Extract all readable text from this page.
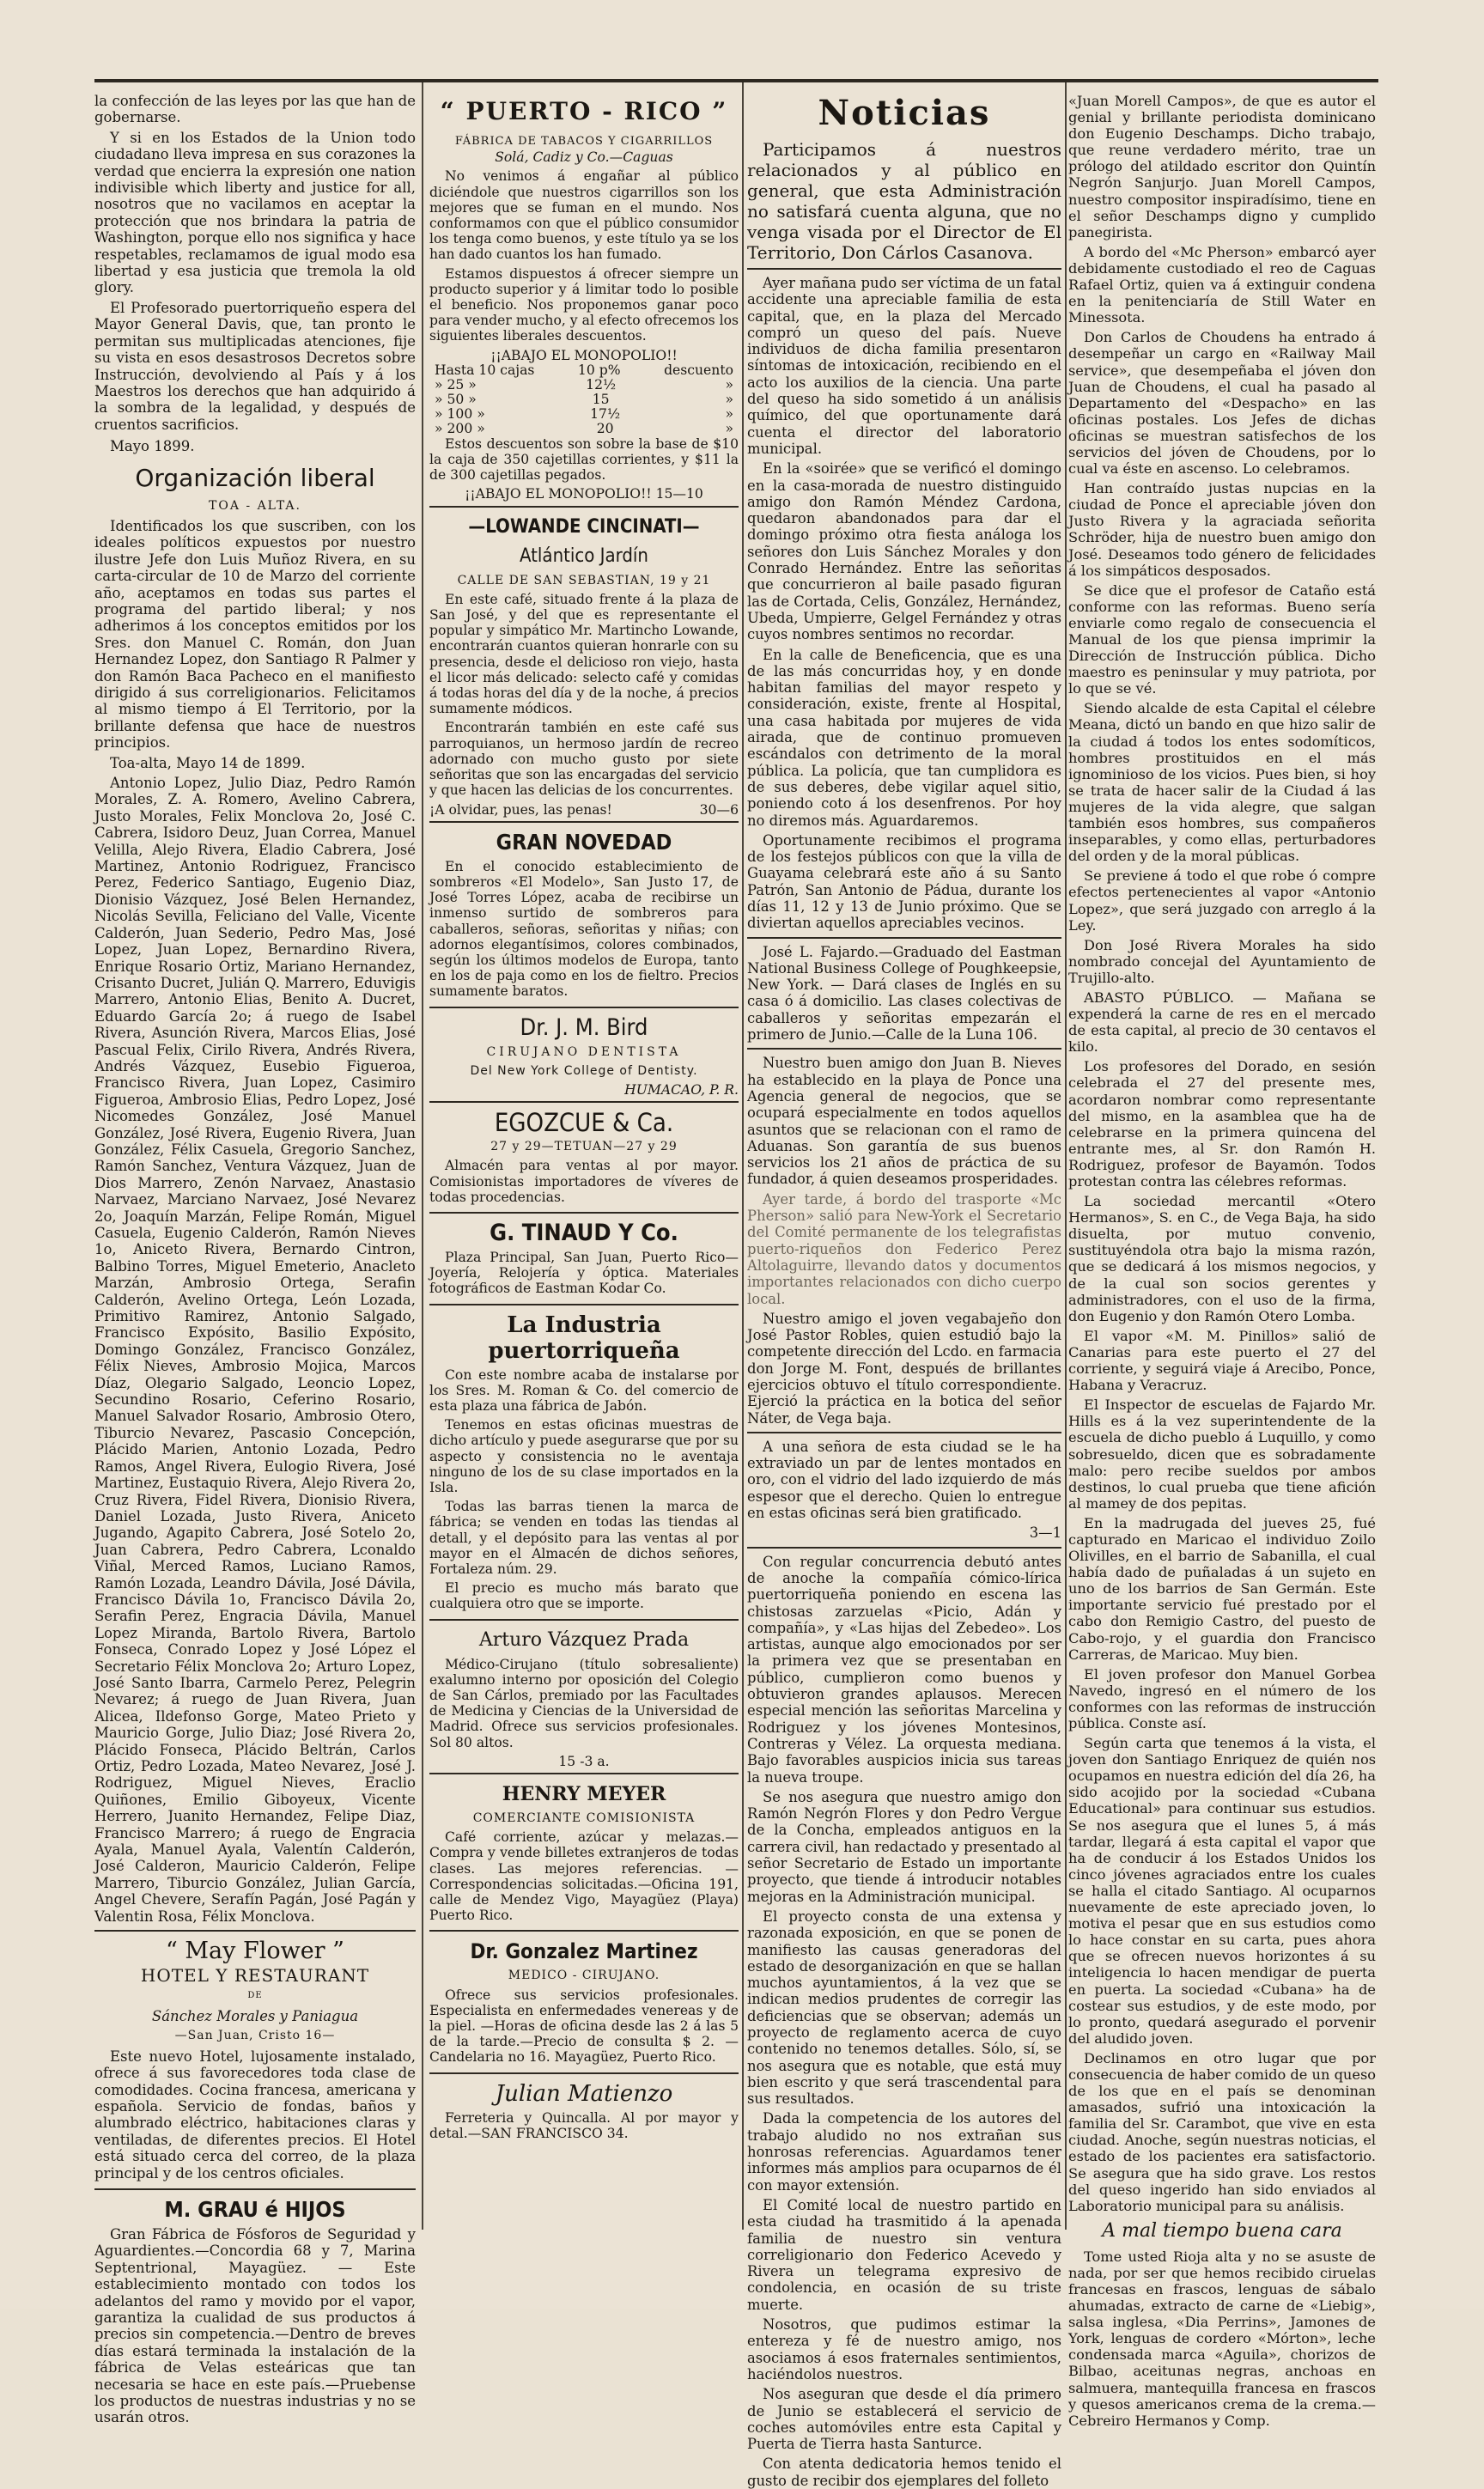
la confección de las leyes por las que han de gobernarse.

Y si en los Estados de la Union todo ciudadano lleva impresa en sus corazones la verdad que encierra la expresión one nation indivisible which liberty and justice for all, nosotros que no vacilamos en aceptar la protección que nos brindara la patria de Washington, porque ello nos significa y hace respetables, reclamamos de igual modo esa libertad y esa justicia que tremola la old glory.

El Profesorado puertorriqueño espera del Mayor General Davis, que, tan pronto le permitan sus multiplicadas atenciones, fije su vista en esos desastrosos Decretos sobre Instrucción, devolviendo al País y á los Maestros los derechos que han adquirido á la sombra de la legalidad, y después de cruentos sacrificios.

Mayo 1899.

Organización liberal

TOA - ALTA.

Identificados los que suscriben, con los ideales políticos expuestos por nuestro ilustre Jefe don Luis Muñoz Rivera, en su carta-circular de 10 de Marzo del corriente año, aceptamos en todas sus partes el programa del partido liberal; y nos adherimos á los conceptos emitidos por los Sres. don Manuel C. Román, don Juan Hernandez Lopez, don Santiago R Palmer y don Ramón Baca Pacheco en el manifiesto dirigido á sus correligionarios. Felicitamos al mismo tiempo á El Territorio, por la brillante defensa que hace de nuestros principios.

Toa-alta, Mayo 14 de 1899.

Antonio Lopez, Julio Diaz, Pedro Ramón Morales, Z. A. Romero, Avelino Cabrera, Justo Morales, Felix Monclova 2o, José C. Cabrera, Isidoro Deuz, Juan Correa, Manuel Velilla, Alejo Rivera, Eladio Cabrera, José Martinez, Antonio Rodriguez, Francisco Perez, Federico Santiago, Eugenio Diaz, Dionisio Vázquez, José Belen Hernandez, Nicolás Sevilla, Feliciano del Valle, Vicente Calderón, Juan Sederio, Pedro Mas, José Lopez, Juan Lopez, Bernardino Rivera, Enrique Rosario Ortiz, Mariano Hernandez, Crisanto Ducret, Julián Q. Marrero, Eduvigis Marrero, Antonio Elias, Benito A. Ducret, Eduardo García 2o; á ruego de Isabel Rivera, Asunción Rivera, Marcos Elias, José Pascual Felix, Cirilo Rivera, Andrés Rivera, Andrés Vázquez, Eusebio Figueroa, Francisco Rivera, Juan Lopez, Casimiro Figueroa, Ambrosio Elias, Pedro Lopez, José Nicomedes González, José Manuel González, José Rivera, Eugenio Rivera, Juan González, Félix Casuela, Gregorio Sanchez, Ramón Sanchez, Ventura Vázquez, Juan de Dios Marrero, Zenón Narvaez, Anastasio Narvaez, Marciano Narvaez, José Nevarez 2o, Joaquín Marzán, Felipe Román, Miguel Casuela, Eugenio Calderón, Ramón Nieves 1o, Aniceto Rivera, Bernardo Cintron, Balbino Torres, Miguel Emeterio, Anacleto Marzán, Ambrosio Ortega, Serafin Calderón, Avelino Ortega, León Lozada, Primitivo Ramirez, Antonio Salgado, Francisco Expósito, Basilio Expósito, Domingo González, Francisco González, Félix Nieves, Ambrosio Mojica, Marcos Díaz, Olegario Salgado, Leoncio Lopez, Secundino Rosario, Ceferino Rosario, Manuel Salvador Rosario, Ambrosio Otero, Tiburcio Nevarez, Pascasio Concepción, Plácido Marien, Antonio Lozada, Pedro Ramos, Angel Rivera, Eulogio Rivera, José Martinez, Eustaquio Rivera, Alejo Rivera 2o, Cruz Rivera, Fidel Rivera, Dionisio Rivera, Daniel Lozada, Justo Rivera, Aniceto Jugando, Agapito Cabrera, José Sotelo 2o, Juan Cabrera, Pedro Cabrera, Lconaldo Viñal, Merced Ramos, Luciano Ramos, Ramón Lozada, Leandro Dávila, José Dávila, Francisco Dávila 1o, Francisco Dávila 2o, Serafin Perez, Engracia Dávila, Manuel Lopez Miranda, Bartolo Rivera, Bartolo Fonseca, Conrado Lopez y José López el Secretario Félix Monclova 2o; Arturo Lopez, José Santo Ibarra, Carmelo Perez, Pelegrin Nevarez; á ruego de Juan Rivera, Juan Alicea, Ildefonso Gorge, Mateo Prieto y Mauricio Gorge, Julio Diaz; José Rivera 2o, Plácido Fonseca, Plácido Beltrán, Carlos Ortiz, Pedro Lozada, Mateo Nevarez, José J. Rodriguez, Miguel Nieves, Eraclio Quiñones, Emilio Giboyeux, Vicente Herrero, Juanito Hernandez, Felipe Diaz, Francisco Marrero; á ruego de Engracia Ayala, Manuel Ayala, Valentín Calderón, José Calderon, Mauricio Calderón, Felipe Marrero, Tiburcio González, Julian García, Angel Chevere, Serafín Pagán, José Pagán y Valentin Rosa, Félix Monclova.

“ May Flower ”
HOTEL Y RESTAURANT
DE
Sánchez Morales y Paniagua
—San Juan, Cristo 16—

Este nuevo Hotel, lujosamente instalado, ofrece á sus favorecedores toda clase de comodidades. Cocina francesa, americana y española. Servicio de fondas, baños y alumbrado eléctrico, habitaciones claras y ventiladas, de diferentes precios. El Hotel está situado cerca del correo, de la plaza principal y de los centros oficiales.

M. GRAU é HIJOS

Gran Fábrica de Fósforos de Seguridad y Aguardientes.—Concordia 68 y 7, Marina Septentrional, Mayagüez. — Este establecimiento montado con todos los adelantos del ramo y movido por el vapor, garantiza la cualidad de sus productos á precios sin competencia.—Dentro de breves días estará terminada la instalación de la fábrica de Velas esteáricas que tan necesaria se hace en este país.—Pruebense los productos de nuestras industrias y no se usarán otros.

“ PUERTO - RICO ”
FÁBRICA DE TABACOS Y CIGARRILLOS
Solá, Cadiz y Co.—Caguas

No venimos á engañar al público diciéndole que nuestros cigarrillos son los mejores que se fuman en el mundo. Nos conformamos con que el público consumidor los tenga como buenos, y este título ya se los han dado cuantos los han fumado.

Estamos dispuestos á ofrecer siempre un producto superior y á limitar todo lo posible el beneficio. Nos proponemos ganar poco para vender mucho, y al efecto ofrecemos los siguientes liberales descuentos.

¡¡ABAJO EL MONOPOLIO!!
Hasta 10 cajas	10 p%	descuento
» 25 »	12½	»
» 50 »	15	»
» 100 »	17½	»
» 200 »	20	»

Estos descuentos son sobre la base de $10 la caja de 350 cajetillas corrientes, y $11 la de 300 cajetillas pegados.

¡¡ABAJO EL MONOPOLIO!! 15—10
—LOWANDE CINCINATI—
Atlántico Jardín
CALLE DE SAN SEBASTIAN, 19 y 21

En este café, situado frente á la plaza de San José, y del que es representante el popular y simpático Mr. Martincho Lowande, encontrarán cuantos quieran honrarle con su presencia, desde el delicioso ron viejo, hasta el licor más delicado: selecto café y comidas á todas horas del día y de la noche, á precios sumamente módicos.

Encontrarán también en este café sus parroquianos, un hermoso jardín de recreo adornado con mucho gusto por siete señoritas que son las encargadas del servicio y que hacen las delicias de los concurrentes.

¡A olvidar, pues, las penas!	30—6
GRAN NOVEDAD

En el conocido establecimiento de sombreros «El Modelo», San Justo 17, de José Torres López, acaba de recibirse un inmenso surtido de sombreros para caballeros, señoras, señoritas y niñas; con adornos elegantísimos, colores combinados, según los últimos modelos de Europa, tanto en los de paja como en los de fieltro. Precios sumamente baratos.

Dr. J. M. Bird
CIRUJANO DENTISTA
Del New York College of Dentisty.
HUMACAO, P. R.
EGOZCUE & Ca.
27 y 29—TETUAN—27 y 29

Almacén para ventas al por mayor. Comisionistas importadores de víveres de todas procedencias.

G. TINAUD Y Co.

Plaza Principal, San Juan, Puerto Rico—Joyería, Relojería y óptica. Materiales fotográficos de Eastman Kodar Co.

La Industria puertorriqueña

Con este nombre acaba de instalarse por los Sres. M. Roman & Co. del comercio de esta plaza una fábrica de Jabón.

Tenemos en estas oficinas muestras de dicho artículo y puede asegurarse que por su aspecto y consistencia no le aventaja ninguno de los de su clase importados en la Isla.

Todas las barras tienen la marca de fábrica; se venden en todas las tiendas al detall, y el depósito para las ventas al por mayor en el Almacén de dichos señores, Fortaleza núm. 29.

El precio es mucho más barato que cualquiera otro que se importe.

Arturo Vázquez Prada

Médico-Cirujano (título sobresaliente) exalumno interno por oposición del Colegio de San Cárlos, premiado por las Facultades de Medicina y Ciencias de la Universidad de Madrid. Ofrece sus servicios profesionales. Sol 80 altos.

15 -3 a.
HENRY MEYER
COMERCIANTE COMISIONISTA

Café corriente, azúcar y melazas.—Compra y vende billetes extranjeros de todas clases. Las mejores referencias. — Correspondencias solicitadas.—Oficina 191, calle de Mendez Vigo, Mayagüez (Playa) Puerto Rico.

Dr. Gonzalez Martinez
MEDICO - CIRUJANO.

Ofrece sus servicios profesionales. Especialista en enfermedades venereas y de la piel. —Horas de oficina desde las 2 á las 5 de la tarde.—Precio de consulta $ 2. — Candelaria no 16. Mayagüez, Puerto Rico.

Julian Matienzo

Ferreteria y Quincalla. Al por mayor y detal.—SAN FRANCISCO 34.

Noticias

Participamos á nuestros relacionados y al público en general, que esta Administración no satisfará cuenta alguna, que no venga visada por el Director de El Territorio, Don Cárlos Casanova.

Ayer mañana pudo ser víctima de un fatal accidente una apreciable familia de esta capital, que, en la plaza del Mercado compró un queso del país. Nueve individuos de dicha familia presentaron síntomas de intoxicación, recibiendo en el acto los auxilios de la ciencia. Una parte del queso ha sido sometido á un análisis químico, del que oportunamente dará cuenta el director del laboratorio municipal.

En la «soirée» que se verificó el domingo en la casa-morada de nuestro distinguido amigo don Ramón Méndez Cardona, quedaron abandonados para dar el domingo próximo otra fiesta análoga los señores don Luis Sánchez Morales y don Conrado Hernández. Entre las señoritas que concurrieron al baile pasado figuran las de Cortada, Celis, González, Hernández, Ubeda, Umpierre, Gelgel Fernández y otras cuyos nombres sentimos no recordar.

En la calle de Beneficencia, que es una de las más concurridas hoy, y en donde habitan familias del mayor respeto y consideración, existe, frente al Hospital, una casa habitada por mujeres de vida airada, que de continuo promueven escándalos con detrimento de la moral pública. La policía, que tan cumplidora es de sus deberes, debe vigilar aquel sitio, poniendo coto á los desenfrenos. Por hoy no diremos más. Aguardaremos.

Oportunamente recibimos el programa de los festejos públicos con que la villa de Guayama celebrará este año á su Santo Patrón, San Antonio de Pádua, durante los días 11, 12 y 13 de Junio próximo. Que se diviertan aquellos apreciables vecinos.

José L. Fajardo.—Graduado del Eastman National Business College of Poughkeepsie, New York. — Dará clases de Inglés en su casa ó á domicilio. Las clases colectivas de caballeros y señoritas empezarán el primero de Junio.—Calle de la Luna 106.

Nuestro buen amigo don Juan B. Nieves ha establecido en la playa de Ponce una Agencia general de negocios, que se ocupará especialmente en todos aquellos asuntos que se relacionan con el ramo de Aduanas. Son garantía de sus buenos servicios los 21 años de práctica de su fundador, á quien deseamos prosperidades.

Ayer tarde, á bordo del trasporte «Mc Pherson» salió para New-York el Secretario del Comité permanente de los telegrafistas puerto-riqueños don Federico Perez Altolaguirre, llevando datos y documentos importantes relacionados con dicho cuerpo local.

Nuestro amigo el joven vegabajeño don José Pastor Robles, quien estudió bajo la competente dirección del Lcdo. en farmacia don Jorge M. Font, después de brillantes ejercicios obtuvo el título correspondiente. Ejerció la práctica en la botica del señor Náter, de Vega baja.

A una señora de esta ciudad se le ha extraviado un par de lentes montados en oro, con el vidrio del lado izquierdo de más espesor que el derecho. Quien lo entregue en estas oficinas será bien gratificado.

3—1

Con regular concurrencia debutó antes de anoche la compañía cómico-lírica puertorriqueña poniendo en escena las chistosas zarzuelas «Picio, Adán y compañía», y «Las hijas del Zebedeo». Los artistas, aunque algo emocionados por ser la primera vez que se presentaban en público, cumplieron como buenos y obtuvieron grandes aplausos. Merecen especial mención las señoritas Marcelina y Rodriguez y los jóvenes Montesinos, Contreras y Vélez. La orquesta mediana. Bajo favorables auspicios inicia sus tareas la nueva troupe.

Se nos asegura que nuestro amigo don Ramón Negrón Flores y don Pedro Vergue de la Concha, empleados antiguos en la carrera civil, han redactado y presentado al señor Secretario de Estado un importante proyecto, que tiende á introducir notables mejoras en la Administración municipal.

El proyecto consta de una extensa y razonada exposición, en que se ponen de manifiesto las causas generadoras del estado de desorganización en que se hallan muchos ayuntamientos, á la vez que se indican medios prudentes de corregir las deficiencias que se observan; además un proyecto de reglamento acerca de cuyo contenido no tenemos detalles. Sólo, sí, se nos asegura que es notable, que está muy bien escrito y que será trascendental para sus resultados.

Dada la competencia de los autores del trabajo aludido no nos extrañan sus honrosas referencias. Aguardamos tener informes más amplios para ocuparnos de él con mayor extensión.

El Comité local de nuestro partido en esta ciudad ha trasmitido á la apenada familia de nuestro sin ventura correligionario don Federico Acevedo y Rivera un telegrama expresivo de condolencia, en ocasión de su triste muerte.

Nosotros, que pudimos estimar la entereza y fé de nuestro amigo, nos asociamos á esos fraternales sentimientos, haciéndolos nuestros.

Nos aseguran que desde el día primero de Junio se establecerá el servicio de coches automóviles entre esta Capital y Puerta de Tierra hasta Santurce.

Con atenta dedicatoria hemos tenido el gusto de recibir dos ejemplares del folleto

«Juan Morell Campos», de que es autor el genial y brillante periodista dominicano don Eugenio Deschamps. Dicho trabajo, que reune verdadero mérito, trae un prólogo del atildado escritor don Quintín Negrón Sanjurjo. Juan Morell Campos, nuestro compositor inspiradísimo, tiene en el señor Deschamps digno y cumplido panegirista.

A bordo del «Mc Pherson» embarcó ayer debidamente custodiado el reo de Caguas Rafael Ortiz, quien va á extinguir condena en la penitenciaría de Still Water en Minessota.

Don Carlos de Choudens ha entrado á desempeñar un cargo en «Railway Mail service», que desempeñaba el jóven don Juan de Choudens, el cual ha pasado al Departamento del «Despacho» en las oficinas postales. Los Jefes de dichas oficinas se muestran satisfechos de los servicios del jóven de Choudens, por lo cual va éste en ascenso. Lo celebramos.

Han contraído justas nupcias en la ciudad de Ponce el apreciable jóven don Justo Rivera y la agraciada señorita Schröder, hija de nuestro buen amigo don José. Deseamos todo género de felicidades á los simpáticos desposados.

Se dice que el profesor de Cataño está conforme con las reformas. Bueno sería enviarle como regalo de consecuencia el Manual de los que piensa imprimir la Dirección de Instrucción pública. Dicho maestro es peninsular y muy patriota, por lo que se vé.

Siendo alcalde de esta Capital el célebre Meana, dictó un bando en que hizo salir de la ciudad á todos los entes sodomíticos, hombres prostituidos en el más ignominioso de los vicios. Pues bien, si hoy se trata de hacer salir de la Ciudad á las mujeres de la vida alegre, que salgan también esos hombres, sus compañeros inseparables, y como ellas, perturbadores del orden y de la moral públicas.

Se previene á todo el que robe ó compre efectos pertenecientes al vapor «Antonio Lopez», que será juzgado con arreglo á la Ley.

Don José Rivera Morales ha sido nombrado concejal del Ayuntamiento de Trujillo-alto.

ABASTO PÚBLICO. — Mañana se expenderá la carne de res en el mercado de esta capital, al precio de 30 centavos el kilo.

Los profesores del Dorado, en sesión celebrada el 27 del presente mes, acordaron nombrar como representante del mismo, en la asamblea que ha de celebrarse en la primera quincena del entrante mes, al Sr. don Ramón H. Rodriguez, profesor de Bayamón. Todos protestan contra las célebres reformas.

La sociedad mercantil «Otero Hermanos», S. en C., de Vega Baja, ha sido disuelta, por mutuo convenio, sustituyéndola otra bajo la misma razón, que se dedicará á los mismos negocios, y de la cual son socios gerentes y administradores, con el uso de la firma, don Eugenio y don Ramón Otero Lomba.

El vapor «M. M. Pinillos» salió de Canarias para este puerto el 27 del corriente, y seguirá viaje á Arecibo, Ponce, Habana y Veracruz.

El Inspector de escuelas de Fajardo Mr. Hills es á la vez superintendente de la escuela de dicho pueblo á Luquillo, y como sobresueldo, dicen que es sobradamente malo: pero recibe sueldos por ambos destinos, lo cual prueba que tiene afición al mamey de dos pepitas.

En la madrugada del jueves 25, fué capturado en Maricao el individuo Zoilo Olivilles, en el barrio de Sabanilla, el cual había dado de puñaladas á un sujeto en uno de los barrios de San Germán. Este importante servicio fué prestado por el cabo don Remigio Castro, del puesto de Cabo-rojo, y el guardia don Francisco Carreras, de Maricao. Muy bien.

El joven profesor don Manuel Gorbea Navedo, ingresó en el número de los conformes con las reformas de instrucción pública. Conste así.

Según carta que tenemos á la vista, el joven don Santiago Enriquez de quién nos ocupamos en nuestra edición del día 26, ha sido acojido por la sociedad «Cubana Educational» para continuar sus estudios. Se nos asegura que el lunes 5, á más tardar, llegará á esta capital el vapor que ha de conducir á los Estados Unidos los cinco jóvenes agraciados entre los cuales se halla el citado Santiago. Al ocuparnos nuevamente de este apreciado joven, lo motiva el pesar que en sus estudios como lo hace constar en su carta, pues ahora que se ofrecen nuevos horizontes á su inteligencia lo hacen mendigar de puerta en puerta. La sociedad «Cubana» ha de costear sus estudios, y de este modo, por lo pronto, quedará asegurado el porvenir del aludido joven.

Declinamos en otro lugar que por consecuencia de haber comido de un queso de los que en el país se denominan amasados, sufrió una intoxicación la familia del Sr. Carambot, que vive en esta ciudad. Anoche, según nuestras noticias, el estado de los pacientes era satisfactorio. Se asegura que ha sido grave. Los restos del queso ingerido han sido enviados al Laboratorio municipal para su análisis.

A mal tiempo buena cara

Tome usted Rioja alta y no se asuste de nada, por ser que hemos recibido ciruelas francesas en frascos, lenguas de sábalo ahumadas, extracto de carne de «Liebig», salsa inglesa, «Dia Perrins», Jamones de York, lenguas de cordero «Mórton», leche condensada marca «Aguila», chorizos de Bilbao, aceitunas negras, anchoas en salmuera, mantequilla francesa en frascos y quesos americanos crema de la crema.—Cebreiro Hermanos y Comp.
